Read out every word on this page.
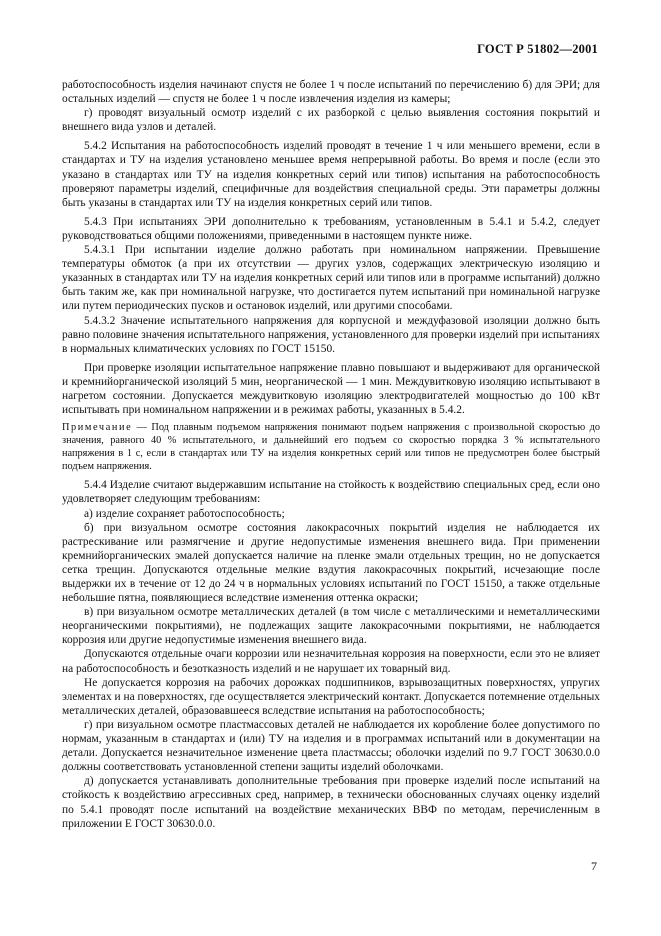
ГОСТ Р 51802—2001

работоспособность изделия начинают спустя не более 1 ч после испытаний по перечислению б) для ЭРИ; для остальных изделий — спустя не более 1 ч после извлечения изделия из камеры;

г) проводят визуальный осмотр изделий с их разборкой с целью выявления состояния покрытий и внешнего вида узлов и деталей.

5.4.2 Испытания на работоспособность изделий проводят в течение 1 ч или меньшего времени, если в стандартах и ТУ на изделия установлено меньшее время непрерывной работы. Во время и после (если это указано в стандартах или ТУ на изделия конкретных серий или типов) испытания на работоспособность проверяют параметры изделий, специфичные для воздействия специальной среды. Эти параметры должны быть указаны в стандартах или ТУ на изделия конкретных серий или типов.

5.4.3 При испытаниях ЭРИ дополнительно к требованиям, установленным в 5.4.1 и 5.4.2, следует руководствоваться общими положениями, приведенными в настоящем пункте ниже.

5.4.3.1 При испытании изделие должно работать при номинальном напряжении. Превышение температуры обмоток (а при их отсутствии — других узлов, содержащих электрическую изоляцию и указанных в стандартах или ТУ на изделия конкретных серий или типов или в программе испытаний) должно быть таким же, как при номинальной нагрузке, что достигается путем испытаний при номинальной нагрузке или путем периодических пусков и остановок изделий, или другими способами.

5.4.3.2 Значение испытательного напряжения для корпусной и междуфазовой изоляции должно быть равно половине значения испытательного напряжения, установленного для проверки изделий при испытаниях в нормальных климатических условиях по ГОСТ 15150.

При проверке изоляции испытательное напряжение плавно повышают и выдерживают для органической и кремнийорганической изоляций 5 мин, неорганической — 1 мин. Междувитковую изоляцию испытывают в нагретом состоянии. Допускается междувитковую изоляцию электродвигателей мощностью до 100 кВт испытывать при номинальном напряжении и в режимах работы, указанных в 5.4.2.

Примечание — Под плавным подъемом напряжения понимают подъем напряжения с произвольной скоростью до значения, равного 40 % испытательного, и дальнейший его подъем со скоростью порядка 3 % испытательного напряжения в 1 с, если в стандартах или ТУ на изделия конкретных серий или типов не предусмотрен более быстрый подъем напряжения.

5.4.4 Изделие считают выдержавшим испытание на стойкость к воздействию специальных сред, если оно удовлетворяет следующим требованиям:

а) изделие сохраняет работоспособность;

б) при визуальном осмотре состояния лакокрасочных покрытий изделия не наблюдается их растрескивание или размягчение и другие недопустимые изменения внешнего вида. При применении кремнийорганических эмалей допускается наличие на пленке эмали отдельных трещин, но не допускается сетка трещин. Допускаются отдельные мелкие вздутия лакокрасочных покрытий, исчезающие после выдержки их в течение от 12 до 24 ч в нормальных условиях испытаний по ГОСТ 15150, а также отдельные небольшие пятна, появляющиеся вследствие изменения оттенка окраски;

в) при визуальном осмотре металлических деталей (в том числе с металлическими и неметаллическими неорганическими покрытиями), не подлежащих защите лакокрасочными покрытиями, не наблюдается коррозия или другие недопустимые изменения внешнего вида.

Допускаются отдельные очаги коррозии или незначительная коррозия на поверхности, если это не влияет на работоспособность и безотказность изделий и не нарушает их товарный вид.

Не допускается коррозия на рабочих дорожках подшипников, взрывозащитных поверхностях, упругих элементах и на поверхностях, где осуществляется электрический контакт. Допускается потемнение отдельных металлических деталей, образовавшееся вследствие испытания на работоспособность;

г) при визуальном осмотре пластмассовых деталей не наблюдается их коробление более допустимого по нормам, указанным в стандартах и (или) ТУ на изделия и в программах испытаний или в документации на детали. Допускается незначительное изменение цвета пластмассы; оболочки изделий по 9.7 ГОСТ 30630.0.0 должны соответствовать установленной степени защиты изделий оболочками.

д) допускается устанавливать дополнительные требования при проверке изделий после испытаний на стойкость к воздействию агрессивных сред, например, в технически обоснованных случаях оценку изделий по 5.4.1 проводят после испытаний на воздействие механических ВВФ по методам, перечисленным в приложении Е ГОСТ 30630.0.0.

7
